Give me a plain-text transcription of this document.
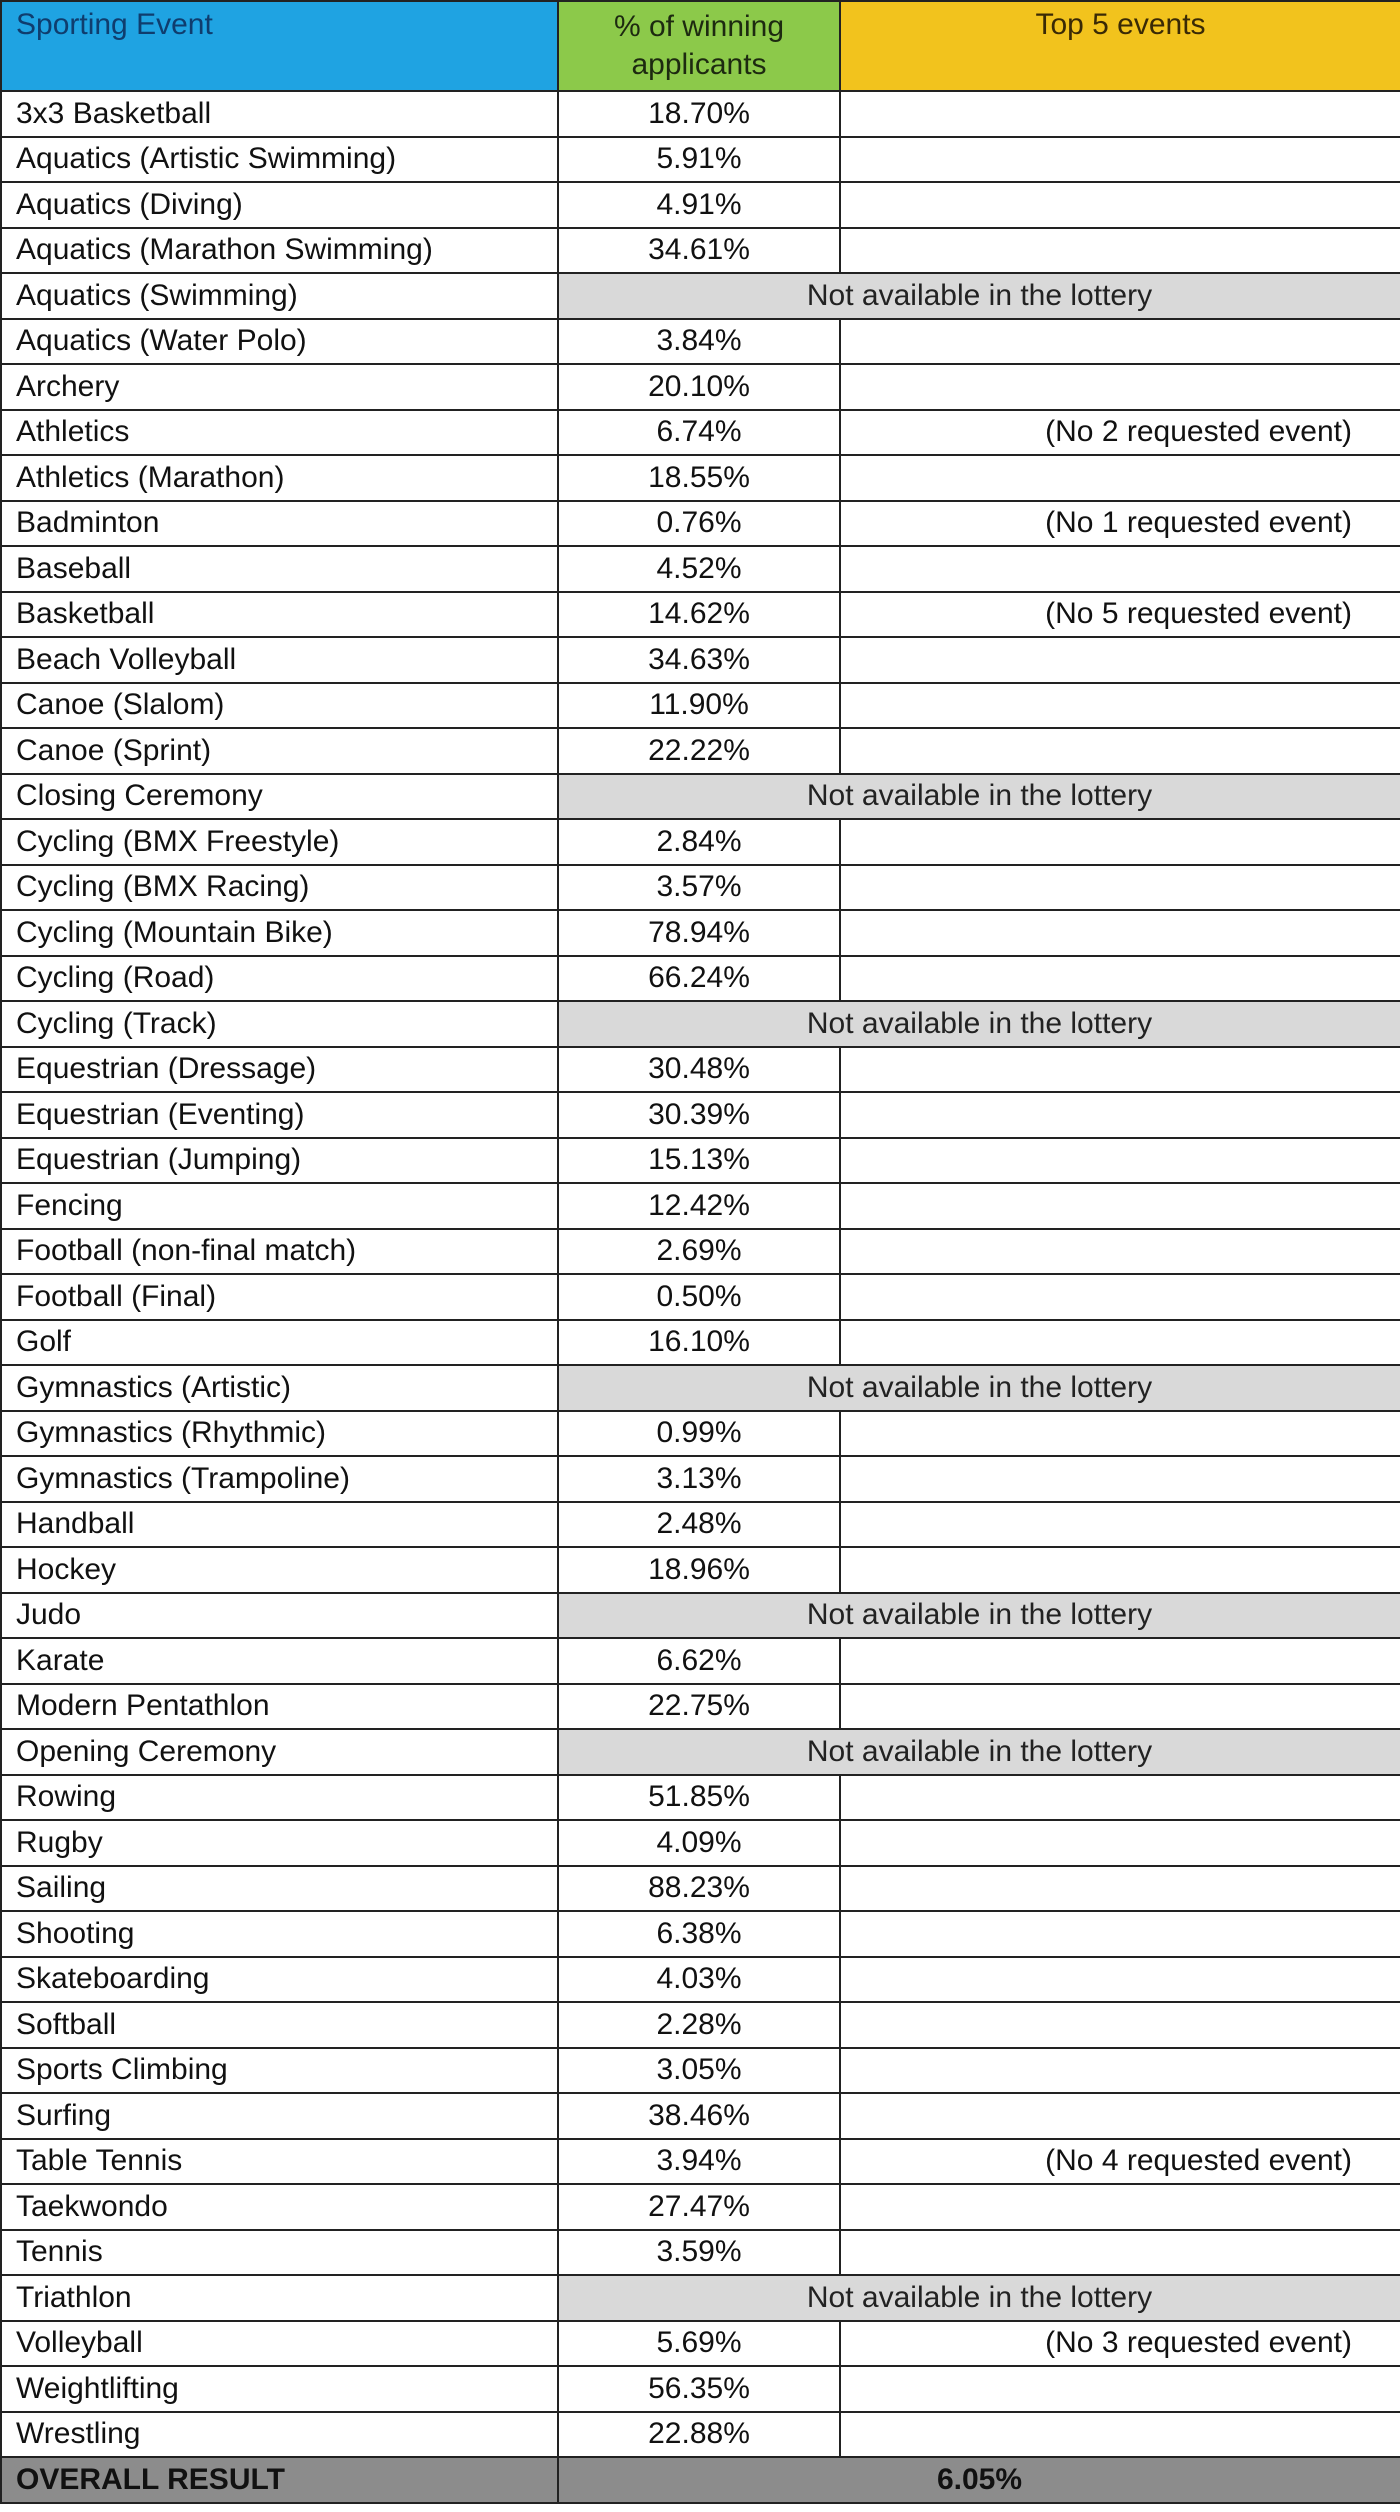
Sporting Event	% of winning applicants	Top 5 events
3x3 Basketball	18.70%	
Aquatics (Artistic Swimming)	5.91%	
Aquatics (Diving)	4.91%	
Aquatics (Marathon Swimming)	34.61%	
Aquatics (Swimming)	Not available in the lottery	
Aquatics (Water Polo)	3.84%	
Archery	20.10%	
Athletics	6.74%	(No 2 requested event)
Athletics (Marathon)	18.55%	
Badminton	0.76%	(No 1 requested event)
Baseball	4.52%	
Basketball	14.62%	(No 5 requested event)
Beach Volleyball	34.63%	
Canoe (Slalom)	11.90%	
Canoe (Sprint)	22.22%	
Closing Ceremony	Not available in the lottery	
Cycling (BMX Freestyle)	2.84%	
Cycling (BMX Racing)	3.57%	
Cycling (Mountain Bike)	78.94%	
Cycling (Road)	66.24%	
Cycling (Track)	Not available in the lottery	
Equestrian (Dressage)	30.48%	
Equestrian (Eventing)	30.39%	
Equestrian (Jumping)	15.13%	
Fencing	12.42%	
Football (non-final match)	2.69%	
Football (Final)	0.50%	
Golf	16.10%	
Gymnastics (Artistic)	Not available in the lottery	
Gymnastics (Rhythmic)	0.99%	
Gymnastics (Trampoline)	3.13%	
Handball	2.48%	
Hockey	18.96%	
Judo	Not available in the lottery	
Karate	6.62%	
Modern Pentathlon	22.75%	
Opening Ceremony	Not available in the lottery	
Rowing	51.85%	
Rugby	4.09%	
Sailing	88.23%	
Shooting	6.38%	
Skateboarding	4.03%	
Softball	2.28%	
Sports Climbing	3.05%	
Surfing	38.46%	
Table Tennis	3.94%	(No 4 requested event)
Taekwondo	27.47%	
Tennis	3.59%	
Triathlon	Not available in the lottery	
Volleyball	5.69%	(No 3 requested event)
Weightlifting	56.35%	
Wrestling	22.88%	
OVERALL RESULT	6.05%	
